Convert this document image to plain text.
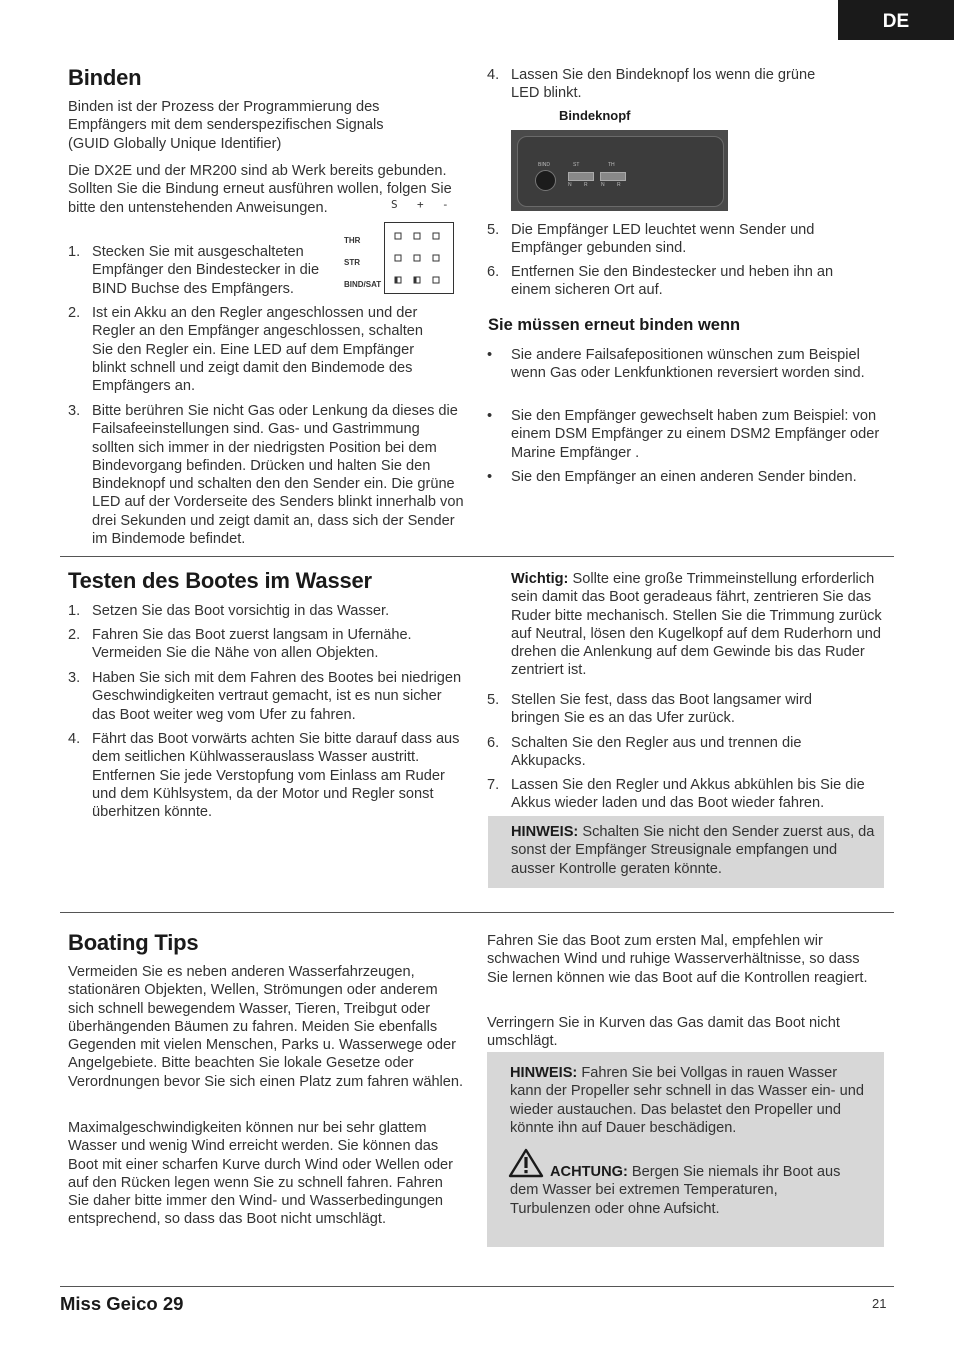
DE
Binden

Binden ist der Prozess der Programmierung des Empfängers mit dem senderspezifischen Signals (GUID Globally Unique Identifier)

Die DX2E und der MR200 sind ab Werk bereits gebunden. Sollten Sie die Bindung erneut ausführen wollen, folgen Sie bitte den untenstehenden Anweisungen.	S + -
THR
STR
BIND/SAT
1. Stecken Sie mit ausgeschalteten Empfänger den Bindestecker in die BIND Buchse des Empfängers.
2. Ist ein Akku an den Regler angeschlossen und der Regler an den Empfänger angeschlossen, schalten Sie den Regler ein. Eine LED auf dem Empfänger blinkt schnell und zeigt damit den Bindemode des Empfängers an.
3. Bitte berühren Sie nicht Gas oder Lenkung da dieses die Failsafeeinstellungen sind. Gas- und Gastrimmung sollten sich immer in der niedrigsten Position bei dem Bindevorgang befinden. Drücken und halten Sie den Bindeknopf und schalten den den Sender ein. Die grüne LED auf der Vorderseite des Senders blinkt innerhalb von drei Sekunden und zeigt damit an, dass sich der Sender im Bindemode befindet.
4. Lassen Sie den Bindeknopf los wenn die grüne LED blinkt.
Bindeknopf
BIND	ST	TH
N R	N R
5. Die Empfänger LED leuchtet wenn Sender und Empfänger gebunden sind.
6. Entfernen Sie den Bindestecker und heben ihn an einem sicheren Ort auf.
Sie müssen erneut binden wenn
• Sie andere Failsafepositionen wünschen zum Beispiel wenn Gas oder Lenkfunktionen reversiert worden sind.
• Sie den Empfänger gewechselt haben zum Beispiel: von einem DSM Empfänger zu einem DSM2 Empfänger oder Marine Empfänger .
• Sie den Empfänger an einen anderen Sender binden.
Testen des Bootes im Wasser
1. Setzen Sie das Boot vorsichtig in das Wasser.
2. Fahren Sie das Boot zuerst langsam in Ufernähe. Vermeiden Sie die Nähe von allen Objekten.
3. Haben Sie sich mit dem Fahren des Bootes bei niedrigen Geschwindigkeiten vertraut gemacht, ist es nun sicher das Boot weiter weg vom Ufer zu fahren.
4. Fährt das Boot vorwärts achten Sie bitte darauf dass aus dem seitlichen Kühlwasserauslass Wasser austritt. Entfernen Sie jede Verstopfung vom Einlass am Ruder und dem Kühlsystem, da der Motor und Regler sonst überhitzen könnte.

Wichtig: Sollte eine große Trimmeinstellung erforderlich sein damit das Boot geradeaus fährt, zentrieren Sie das Ruder bitte mechanisch. Stellen Sie die Trimmung zurück auf Neutral, lösen den Kugelkopf auf dem Ruderhorn und drehen die Anlenkung auf dem Gewinde bis das Ruder zentriert ist.

5. Stellen Sie fest, dass das Boot langsamer wird bringen Sie es an das Ufer zurück.
6. Schalten Sie den Regler aus und trennen die Akkupacks.
7. Lassen Sie den Regler und Akkus abkühlen bis Sie die Akkus wieder laden und das Boot wieder fahren.

HINWEIS: Schalten Sie nicht den Sender zuerst aus, da sonst der Empfänger Streusignale empfangen und ausser Kontrolle geraten könnte.

Boating Tips

Vermeiden Sie es neben anderen Wasserfahrzeugen, stationären Objekten, Wellen, Strömungen oder anderem sich schnell bewegendem Wasser, Tieren, Treibgut oder überhängenden Bäumen zu fahren. Meiden Sie ebenfalls Gegenden mit vielen Menschen, Parks u. Wasserwege oder Angelgebiete. Bitte beachten Sie lokale Gesetze oder Verordnungen bevor Sie sich einen Platz zum fahren wählen.

Maximalgeschwindigkeiten können nur bei sehr glattem Wasser und wenig Wind erreicht werden. Sie können das Boot mit einer scharfen Kurve durch Wind oder Wellen oder auf den Rücken legen wenn Sie zu schnell fahren. Fahren Sie daher bitte immer den Wind- und Wasserbedingungen entsprechend, so dass das Boot nicht umschlägt.

Fahren Sie das Boot zum ersten Mal, empfehlen wir schwachen Wind und ruhige Wasserverhältnisse, so dass Sie lernen können wie das Boot auf die Kontrollen reagiert.

Verringern Sie in Kurven das Gas damit das Boot nicht umschlägt.

HINWEIS: Fahren Sie bei Vollgas in rauen Wasser kann der Propeller sehr schnell in das Wasser ein- und wieder austauchen. Das belastet den Propeller und könnte ihn auf Dauer beschädigen.

ACHTUNG: Bergen Sie niemals ihr Boot aus dem Wasser bei extremen Temperaturen, Turbulenzen oder ohne Aufsicht.

Miss Geico 29	21
